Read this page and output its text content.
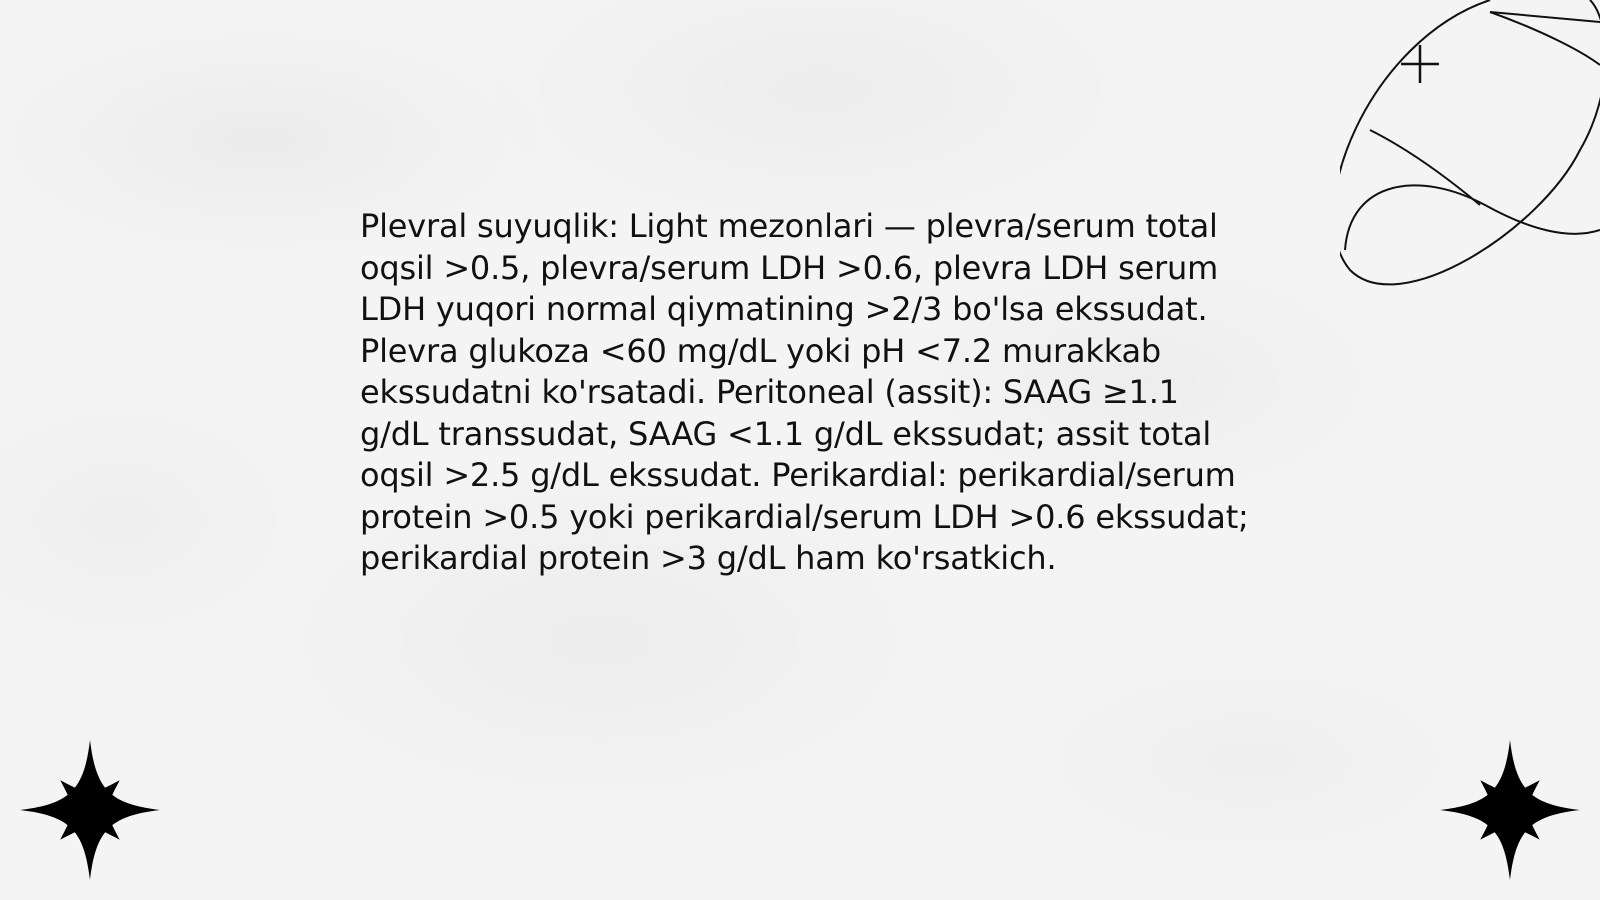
Plevral suyuqlik: Light mezonlari — plevra/serum total oqsil >0.5, plevra/serum LDH >0.6, plevra LDH serum LDH yuqori normal qiymatining >2/3 bo'lsa ekssudat. Plevra glukoza <60 mg/dL yoki pH <7.2 murakkab ekssudatni ko'rsatadi. Peritoneal (assit): SAAG ≥1.1 g/dL transsudat, SAAG <1.1 g/dL ekssudat; assit total oqsil >2.5 g/dL ekssudat. Perikardial: perikardial/serum protein >0.5 yoki perikardial/serum LDH >0.6 ekssudat; perikardial protein >3 g/dL ham ko'rsatkich.
